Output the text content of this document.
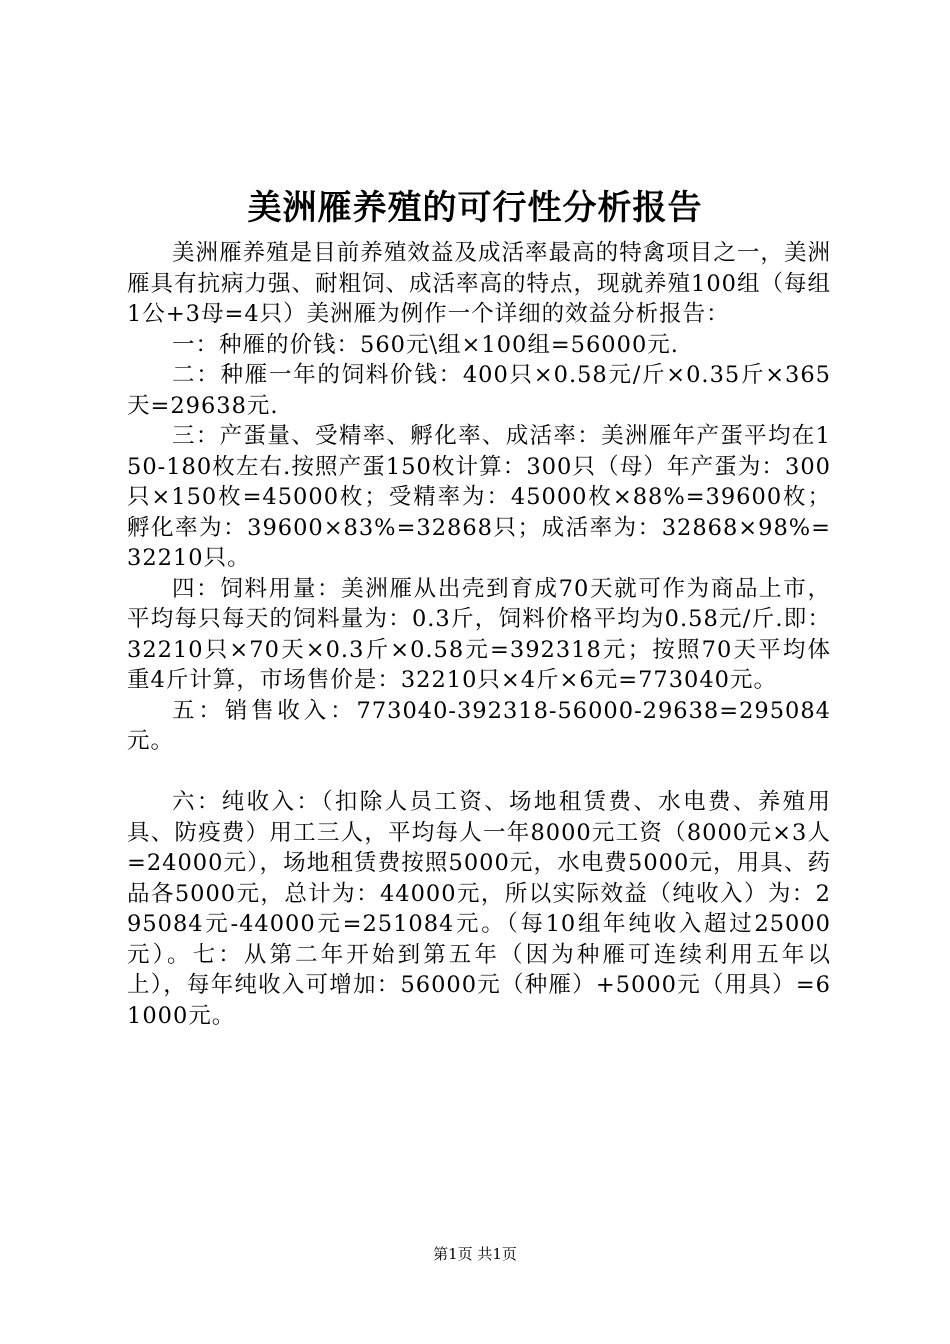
美洲雁养殖的可行性分析报告

美洲雁养殖是目前养殖效益及成活率最高的特禽项目之一，美洲雁具有抗病力强、耐粗饲、成活率高的特点，现就养殖100组（每组1公+3母=4只）美洲雁为例作一个详细的效益分析报告：

一：种雁的价钱：560元\组×100组=56000元.

二：种雁一年的饲料价钱：400只×0.58元/斤×0.35斤×365天=29638元.

三：产蛋量、受精率、孵化率、成活率：美洲雁年产蛋平均在150-180枚左右.按照产蛋150枚计算：300只（母）年产蛋为：300只×150枚=45000枚；受精率为：45000枚×88%=39600枚；孵化率为：39600×83%=32868只；成活率为：32868×98%=32210只。

四：饲料用量：美洲雁从出壳到育成70天就可作为商品上市，平均每只每天的饲料量为：0.3斤，饲料价格平均为0.58元/斤.即：32210只×70天×0.3斤×0.58元=392318元；按照70天平均体重4斤计算，市场售价是：32210只×4斤×6元=773040元。

五：销售收入：773040-392318-56000-29638=295084元。

六：纯收入：（扣除人员工资、场地租赁费、水电费、养殖用具、防疫费）用工三人，平均每人一年8000元工资（8000元×3人=24000元），场地租赁费按照5000元，水电费5000元，用具、药品各5000元，总计为：44000元，所以实际效益（纯收入）为：295084元-44000元=251084元。（每10组年纯收入超过25000元）。七：从第二年开始到第五年（因为种雁可连续利用五年以上），每年纯收入可增加：56000元（种雁）+5000元（用具）=61000元。

第1页 共1页
